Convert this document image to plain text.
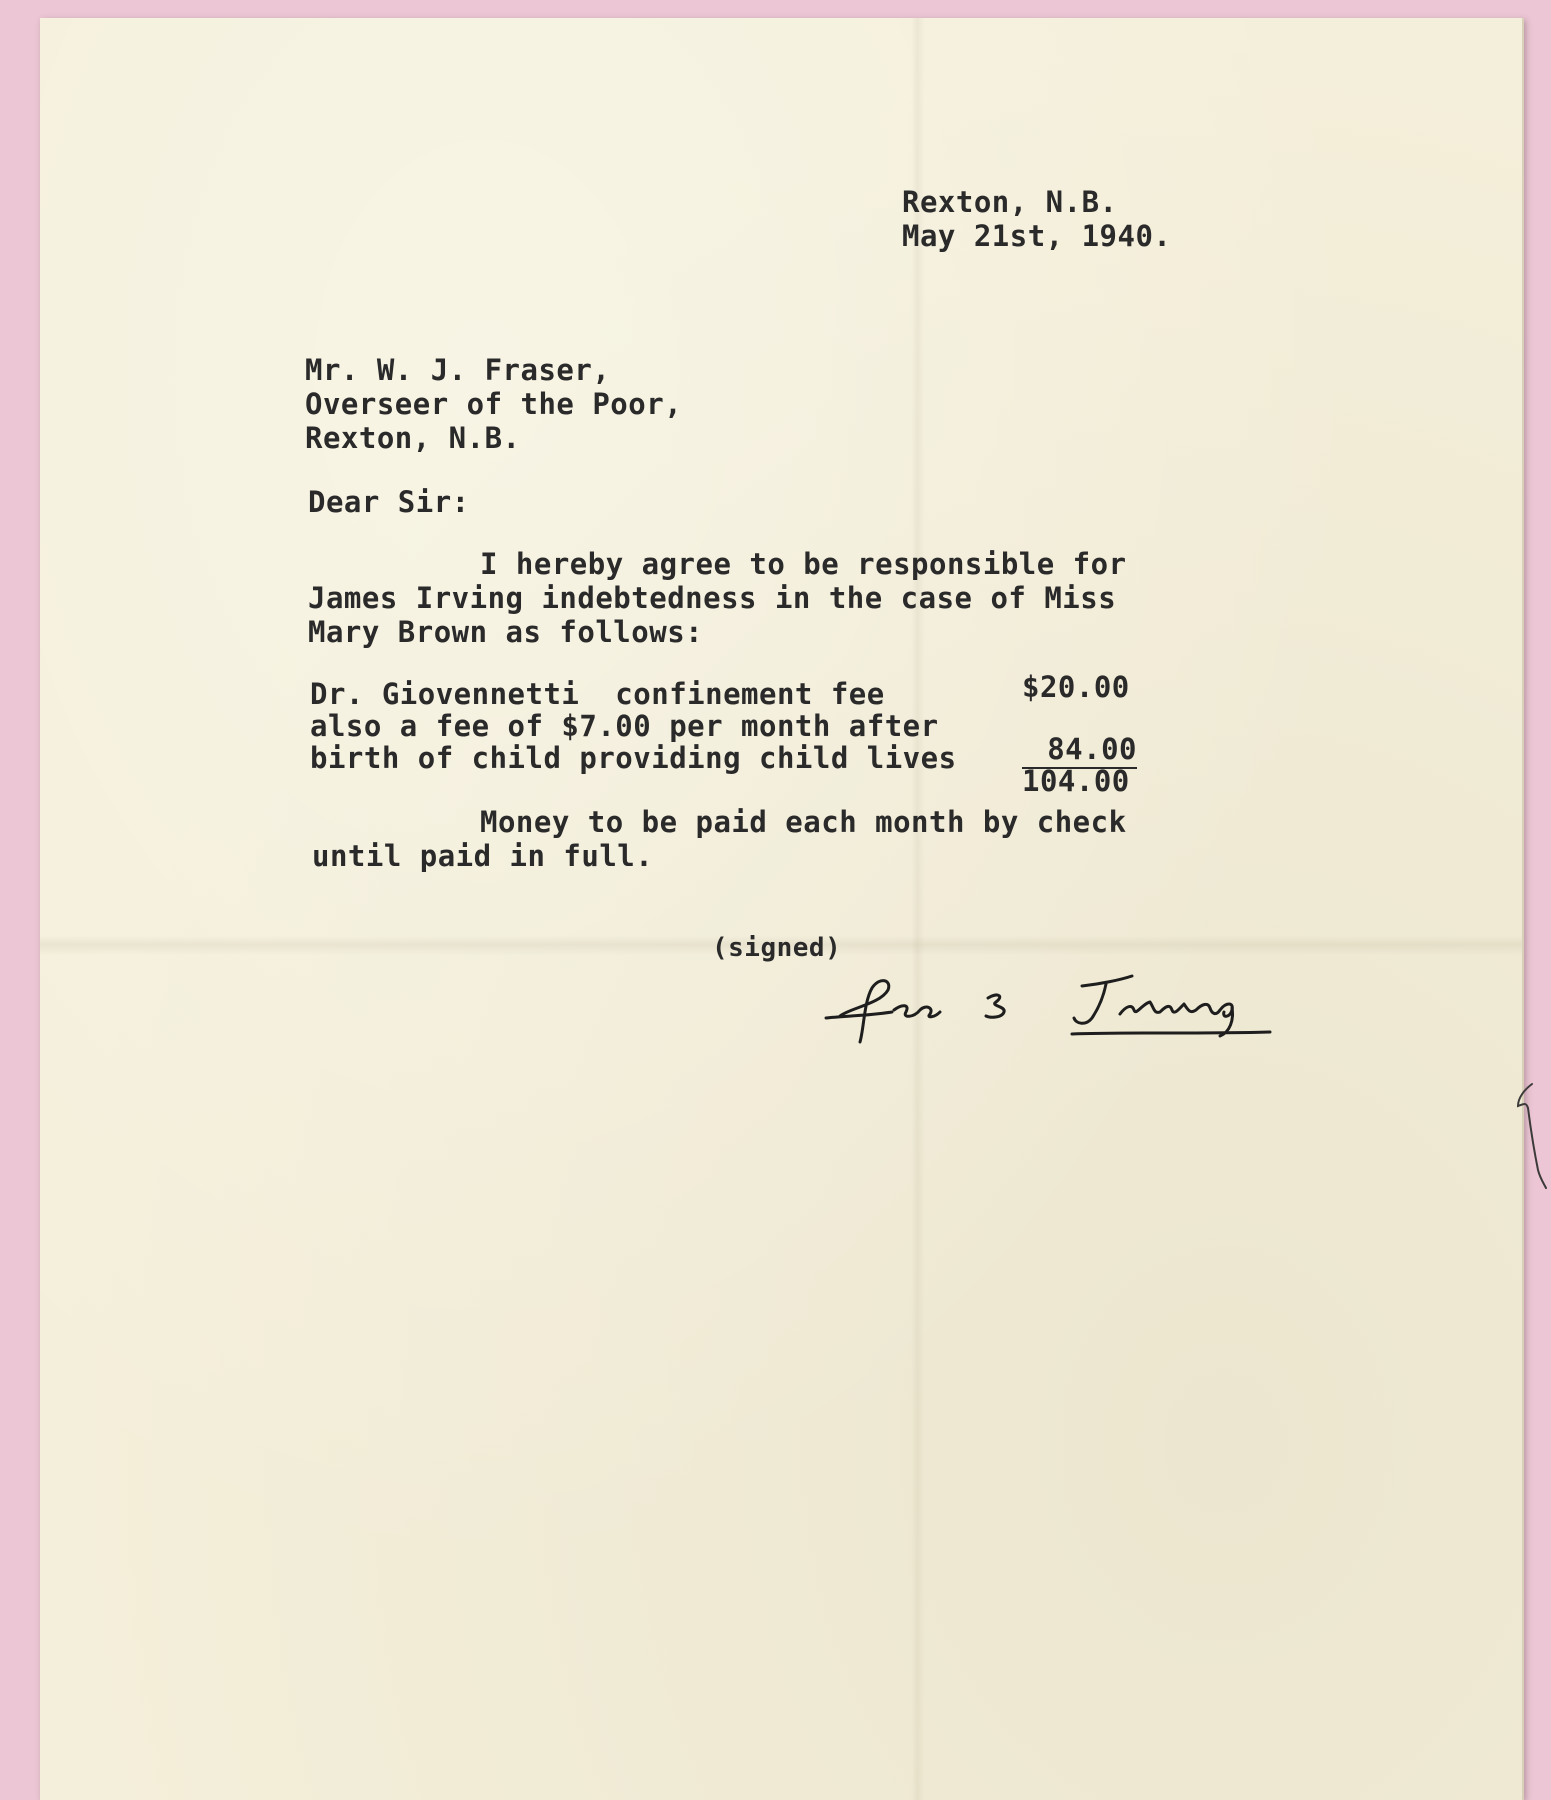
Rexton, N.B.
May 21st, 1940.
Mr. W. J. Fraser,
Overseer of the Poor,
Rexton, N.B.
Dear Sir:
I hereby agree to be responsible for
James Irving indebtedness in the case of Miss
Mary Brown as follows:
Dr. Giovennetti  confinement fee	$20.00
also a fee of $7.00 per month after
birth of child providing child lives	84.00
104.00
Money to be paid each month by check
until paid in full.
(signed)
